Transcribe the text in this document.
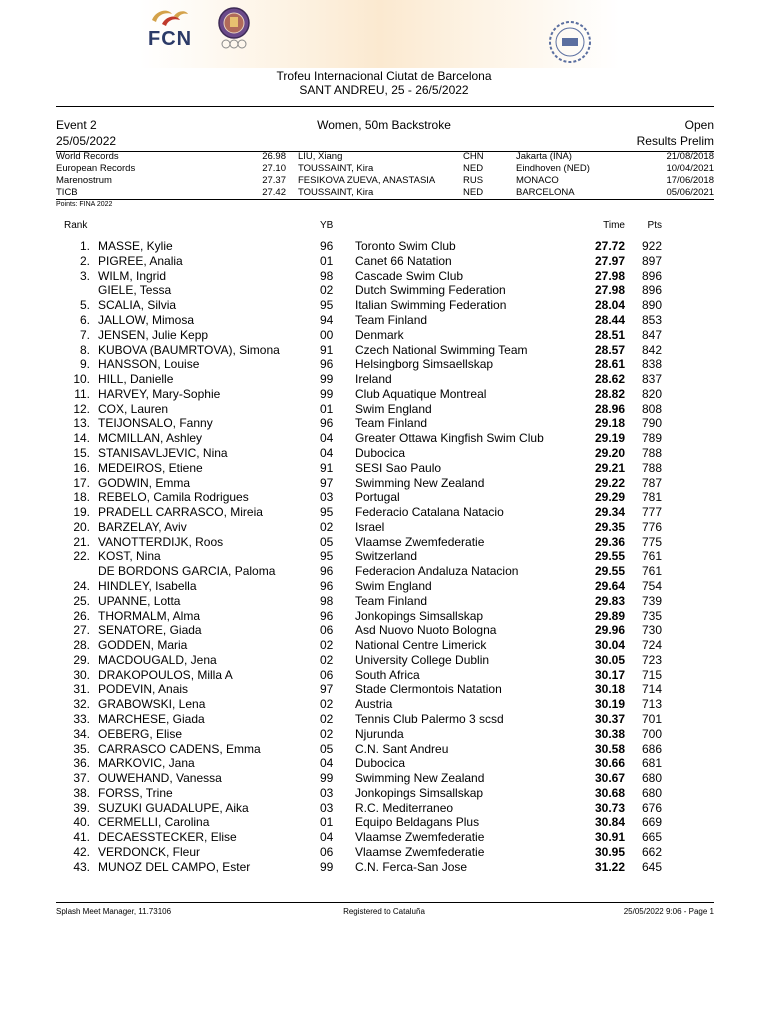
FCN
Trofeu Internacional Ciutat de Barcelona
SANT ANDREU, 25 - 26/5/2022
Event 2
25/05/2022
Women, 50m Backstroke	Open
Results Prelim
World Records	26.98 LIU, Xiang	CHN	Jakarta (INA)	21/08/2018
European Records	27.10 TOUSSAINT, Kira	NED	Eindhoven (NED)	10/04/2021
Marenostrum	27.37 FESIKOVA ZUEVA, ANASTASIA	RUS	MONACO	17/06/2018
TICB	27.42 TOUSSAINT, Kira	NED	BARCELONA	05/06/2021
Points: FINA 2022
Rank	YB	Time	Pts
1. MASSE, Kylie	96 Toronto Swim Club	27.72	922
2. PIGREE, Analia	01 Canet 66 Natation	27.97	897
3. WILM, Ingrid	98 Cascade Swim Club	27.98	896
GIELE, Tessa	02 Dutch Swimming Federation	27.98	896
5. SCALIA, Silvia	95 Italian Swimming Federation	28.04	890
6. JALLOW, Mimosa	94 Team Finland	28.44	853
7. JENSEN, Julie Kepp	00 Denmark	28.51	847
8. KUBOVA (BAUMRTOVA), Simona	91 Czech National Swimming Team	28.57	842
9. HANSSON, Louise	96 Helsingborg Simsaellskap	28.61	838
10. HILL, Danielle	99 Ireland	28.62	837
11. HARVEY, Mary-Sophie	99 Club Aquatique Montreal	28.82	820
12. COX, Lauren	01 Swim England	28.96	808
13. TEIJONSALO, Fanny	96 Team Finland	29.18	790
14. MCMILLAN, Ashley	04 Greater Ottawa Kingfish Swim Club	29.19	789
15. STANISAVLJEVIC, Nina	04 Dubocica	29.20	788
16. MEDEIROS, Etiene	91 SESI Sao Paulo	29.21	788
17. GODWIN, Emma	97 Swimming New Zealand	29.22	787
18. REBELO, Camila Rodrigues	03 Portugal	29.29	781
19. PRADELL CARRASCO, Mireia	95 Federacio Catalana Natacio	29.34	777
20. BARZELAY, Aviv	02 Israel	29.35	776
21. VANOTTERDIJK, Roos	05 Vlaamse Zwemfederatie	29.36	775
22. KOST, Nina	95 Switzerland	29.55	761
DE BORDONS GARCIA, Paloma	96 Federacion Andaluza Natacion	29.55	761
24. HINDLEY, Isabella	96 Swim England	29.64	754
25. UPANNE, Lotta	98 Team Finland	29.83	739
26. THORMALM, Alma	96 Jonkopings Simsallskap	29.89	735
27. SENATORE, Giada	06 Asd Nuovo Nuoto Bologna	29.96	730
28. GODDEN, Maria	02 National Centre Limerick	30.04	724
29. MACDOUGALD, Jena	02 University College Dublin	30.05	723
30. DRAKOPOULOS, Milla A	06 South Africa	30.17	715
31. PODEVIN, Anais	97 Stade Clermontois Natation	30.18	714
32. GRABOWSKI, Lena	02 Austria	30.19	713
33. MARCHESE, Giada	02 Tennis Club Palermo 3 scsd	30.37	701
34. OEBERG, Elise	02 Njurunda	30.38	700
35. CARRASCO CADENS, Emma	05 C.N. Sant Andreu	30.58	686
36. MARKOVIC, Jana	04 Dubocica	30.66	681
37. OUWEHAND, Vanessa	99 Swimming New Zealand	30.67	680
38. FORSS, Trine	03 Jonkopings Simsallskap	30.68	680
39. SUZUKI GUADALUPE, Aika	03 R.C. Mediterraneo	30.73	676
40. CERMELLI, Carolina	01 Equipo Beldagans Plus	30.84	669
41. DECAESSTECKER, Elise	04 Vlaamse Zwemfederatie	30.91	665
42. VERDONCK, Fleur	06 Vlaamse Zwemfederatie	30.95	662
43. MUNOZ DEL CAMPO, Ester	99 C.N. Ferca-San Jose	31.22	645
Splash Meet Manager, 11.73106	Registered to Cataluña	25/05/2022 9:06 - Page 1
